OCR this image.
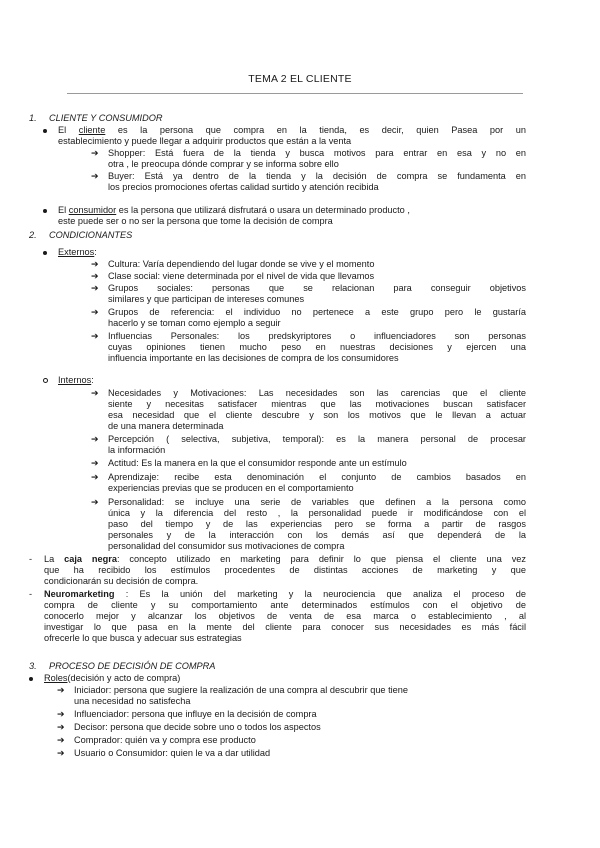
TEMA 2 EL CLIENTE
1. CLIENTE Y CONSUMIDOR
El cliente es la persona que compra en la tienda, es decir, quien Pasea por un
establecimiento y puede llegar a adquirir productos que están a la venta
➔ Shopper: Está fuera de la tienda y busca motivos para entrar en esa y no en
otra , le preocupa dónde comprar y se informa sobre ello
➔ Buyer: Está ya dentro de la tienda y la decisión de compra se fundamenta en
los precios promociones ofertas calidad surtido y atención recibida
El consumidor es la persona que utilizará disfrutará o usara un determinado producto ,
este puede ser o no ser la persona que tome la decisión de compra
2. CONDICIONANTES
Externos:
➔ Cultura: Varía dependiendo del lugar donde se vive y el momento
➔ Clase social: viene determinada por el nivel de vida que llevamos
➔ Grupos sociales: personas que se relacionan para conseguir objetivos
similares y que participan de intereses comunes
➔ Grupos de referencia: el individuo no pertenece a este grupo pero le gustaría
hacerlo y se toman como ejemplo a seguir
➔ Influencias Personales: los predskyriptores o influenciadores son personas
cuyas opiniones tienen mucho peso en nuestras decisiones y ejercen una
influencia importante en las decisiones de compra de los consumidores
Internos:
➔ Necesidades y Motivaciones: Las necesidades son las carencias que el cliente
siente y necesitas satisfacer mientras que las motivaciones buscan satisfacer
esa necesidad que el cliente descubre y son los motivos que le llevan a actuar
de una manera determinada
➔ Percepción ( selectiva, subjetiva, temporal): es la manera personal de procesar
la información
➔ Actitud: Es la manera en la que el consumidor responde ante un estímulo
➔ Aprendizaje: recibe esta denominación el conjunto de cambios basados en
experiencias previas que se producen en el comportamiento
➔ Personalidad: se incluye una serie de variables que definen a la persona como
única y la diferencia del resto , la personalidad puede ir modificándose con el
paso del tiempo y de las experiencias pero se forma a partir de rasgos
personales y de la interacción con los demás así que dependerá de la
personalidad del consumidor sus motivaciones de compra
- La caja negra: concepto utilizado en marketing para definir lo que piensa el cliente una vez
que ha recibido los estímulos procedentes de distintas acciones de marketing y que
condicionarán su decisión de compra.
- Neuromarketing : Es la unión del marketing y la neurociencia que analiza el proceso de
compra de cliente y su comportamiento ante determinados estímulos con el objetivo de
conocerlo mejor y alcanzar los objetivos de venta de esa marca o establecimiento , al
investigar lo que pasa en la mente del cliente para conocer sus necesidades es más fácil
ofrecerle lo que busca y adecuar sus estrategias
3. PROCESO DE DECISIÓN DE COMPRA
Roles(decisión y acto de compra)
➔ Iniciador: persona que sugiere la realización de una compra al descubrir que tiene
una necesidad no satisfecha
➔ Influenciador: persona que influye en la decisión de compra
➔ Decisor: persona que decide sobre uno o todos los aspectos
➔ Comprador: quién va y compra ese producto
➔ Usuario o Consumidor: quien le va a dar utilidad
